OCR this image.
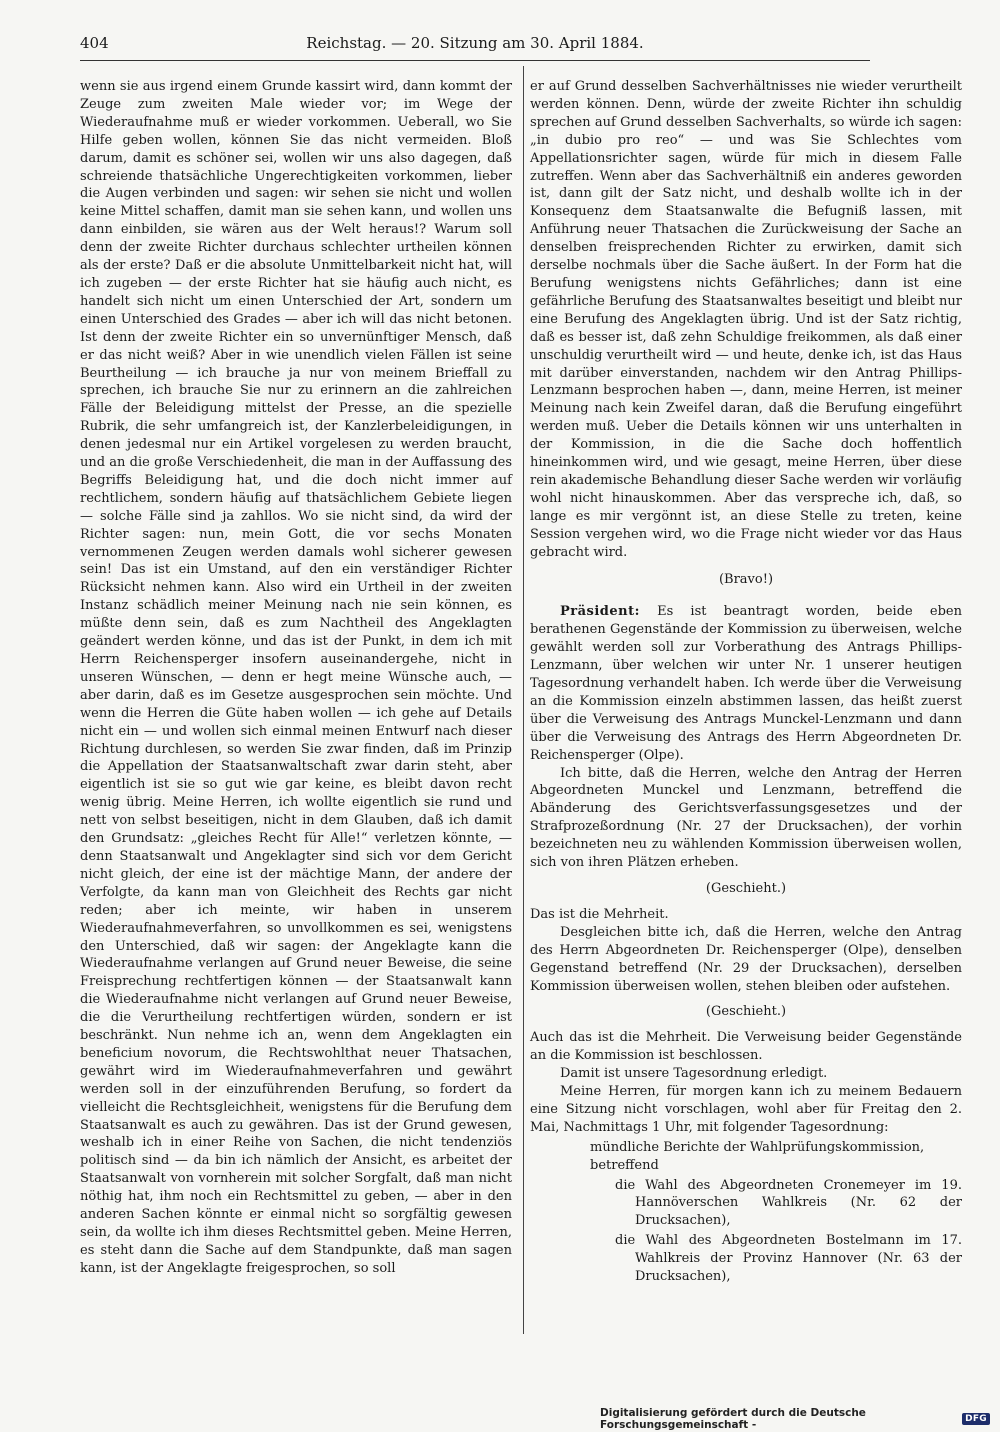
404	Reichstag. — 20. Sitzung am 30. April 1884.

wenn sie aus irgend einem Grunde kassirt wird, dann kommt der Zeuge zum zweiten Male wieder vor; im Wege der Wiederaufnahme muß er wieder vorkommen. Ueberall, wo Sie Hilfe geben wollen, können Sie das nicht vermeiden. Bloß darum, damit es schöner sei, wollen wir uns also dagegen, daß schreiende thatsächliche Ungerechtigkeiten vorkommen, lieber die Augen verbinden und sagen: wir sehen sie nicht und wollen keine Mittel schaffen, damit man sie sehen kann, und wollen uns dann einbilden, sie wären aus der Welt heraus!? Warum soll denn der zweite Richter durchaus schlechter urtheilen können als der erste? Daß er die absolute Unmittelbarkeit nicht hat, will ich zugeben — der erste Richter hat sie häufig auch nicht, es handelt sich nicht um einen Unterschied der Art, sondern um einen Unterschied des Grades — aber ich will das nicht betonen. Ist denn der zweite Richter ein so unvernünftiger Mensch, daß er das nicht weiß? Aber in wie unendlich vielen Fällen ist seine Beurtheilung — ich brauche ja nur von meinem Brieffall zu sprechen, ich brauche Sie nur zu erinnern an die zahlreichen Fälle der Beleidigung mittelst der Presse, an die spezielle Rubrik, die sehr umfangreich ist, der Kanzlerbeleidigungen, in denen jedesmal nur ein Artikel vorgelesen zu werden braucht, und an die große Verschiedenheit, die man in der Auffassung des Begriffs Beleidigung hat, und die doch nicht immer auf rechtlichem, sondern häufig auf thatsächlichem Gebiete liegen — solche Fälle sind ja zahllos. Wo sie nicht sind, da wird der Richter sagen: nun, mein Gott, die vor sechs Monaten vernommenen Zeugen werden damals wohl sicherer gewesen sein! Das ist ein Umstand, auf den ein verständiger Richter Rücksicht nehmen kann. Also wird ein Urtheil in der zweiten Instanz schädlich meiner Meinung nach nie sein können, es müßte denn sein, daß es zum Nachtheil des Angeklagten geändert werden könne, und das ist der Punkt, in dem ich mit Herrn Reichensperger insofern auseinandergehe, nicht in unseren Wünschen, — denn er hegt meine Wünsche auch, — aber darin, daß es im Gesetze ausgesprochen sein möchte. Und wenn die Herren die Güte haben wollen — ich gehe auf Details nicht ein — und wollen sich einmal meinen Entwurf nach dieser Richtung durchlesen, so werden Sie zwar finden, daß im Prinzip die Appellation der Staatsanwaltschaft zwar darin steht, aber eigentlich ist sie so gut wie gar keine, es bleibt davon recht wenig übrig. Meine Herren, ich wollte eigentlich sie rund und nett von selbst beseitigen, nicht in dem Glauben, daß ich damit den Grundsatz: „gleiches Recht für Alle!“ verletzen könnte, — denn Staatsanwalt und Angeklagter sind sich vor dem Gericht nicht gleich, der eine ist der mächtige Mann, der andere der Verfolgte, da kann man von Gleichheit des Rechts gar nicht reden; aber ich meinte, wir haben in unserem Wiederaufnahmeverfahren, so unvollkommen es sei, wenigstens den Unterschied, daß wir sagen: der Angeklagte kann die Wiederaufnahme verlangen auf Grund neuer Beweise, die seine Freisprechung rechtfertigen können — der Staatsanwalt kann die Wiederaufnahme nicht verlangen auf Grund neuer Beweise, die die Verurtheilung rechtfertigen würden, sondern er ist beschränkt. Nun nehme ich an, wenn dem Angeklagten ein beneficium novorum, die Rechtswohlthat neuer Thatsachen, gewährt wird im Wiederaufnahmeverfahren und gewährt werden soll in der einzuführenden Berufung, so fordert da vielleicht die Rechtsgleichheit, wenigstens für die Berufung dem Staatsanwalt es auch zu gewähren. Das ist der Grund gewesen, weshalb ich in einer Reihe von Sachen, die nicht tendenziös politisch sind — da bin ich nämlich der Ansicht, es arbeitet der Staatsanwalt von vornherein mit solcher Sorgfalt, daß man nicht nöthig hat, ihm noch ein Rechtsmittel zu geben, — aber in den anderen Sachen könnte er einmal nicht so sorgfältig gewesen sein, da wollte ich ihm dieses Rechtsmittel geben. Meine Herren, es steht dann die Sache auf dem Standpunkte, daß man sagen kann, ist der Angeklagte freigesprochen, so soll

er auf Grund desselben Sachverhältnisses nie wieder verurtheilt werden können. Denn, würde der zweite Richter ihn schuldig sprechen auf Grund desselben Sachverhalts, so würde ich sagen: „in dubio pro reo“ — und was Sie Schlechtes vom Appellationsrichter sagen, würde für mich in diesem Falle zutreffen. Wenn aber das Sachverhältniß ein anderes geworden ist, dann gilt der Satz nicht, und deshalb wollte ich in der Konsequenz dem Staatsanwalte die Befugniß lassen, mit Anführung neuer Thatsachen die Zurückweisung der Sache an denselben freisprechenden Richter zu erwirken, damit sich derselbe nochmals über die Sache äußert. In der Form hat die Berufung wenigstens nichts Gefährliches; dann ist eine gefährliche Berufung des Staatsanwaltes beseitigt und bleibt nur eine Berufung des Angeklagten übrig. Und ist der Satz richtig, daß es besser ist, daß zehn Schuldige freikommen, als daß einer unschuldig verurtheilt wird — und heute, denke ich, ist das Haus mit darüber einverstanden, nachdem wir den Antrag Phillips-Lenzmann besprochen haben —, dann, meine Herren, ist meiner Meinung nach kein Zweifel daran, daß die Berufung eingeführt werden muß. Ueber die Details können wir uns unterhalten in der Kommission, in die die Sache doch hoffentlich hineinkommen wird, und wie gesagt, meine Herren, über diese rein akademische Behandlung dieser Sache werden wir vorläufig wohl nicht hinauskommen. Aber das verspreche ich, daß, so lange es mir vergönnt ist, an diese Stelle zu treten, keine Session vergehen wird, wo die Frage nicht wieder vor das Haus gebracht wird.

(Bravo!)

Präsident: Es ist beantragt worden, beide eben berathenen Gegenstände der Kommission zu überweisen, welche gewählt werden soll zur Vorberathung des Antrags Phillips-Lenzmann, über welchen wir unter Nr. 1 unserer heutigen Tagesordnung verhandelt haben. Ich werde über die Verweisung an die Kommission einzeln abstimmen lassen, das heißt zuerst über die Verweisung des Antrags Munckel-Lenzmann und dann über die Verweisung des Antrags des Herrn Abgeordneten Dr. Reichensperger (Olpe).

Ich bitte, daß die Herren, welche den Antrag der Herren Abgeordneten Munckel und Lenzmann, betreffend die Abänderung des Gerichtsverfassungsgesetzes und der Strafprozeßordnung (Nr. 27 der Drucksachen), der vorhin bezeichneten neu zu wählenden Kommission überweisen wollen, sich von ihren Plätzen erheben.

(Geschieht.)

Das ist die Mehrheit.

Desgleichen bitte ich, daß die Herren, welche den Antrag des Herrn Abgeordneten Dr. Reichensperger (Olpe), denselben Gegenstand betreffend (Nr. 29 der Drucksachen), derselben Kommission überweisen wollen, stehen bleiben oder aufstehen.

(Geschieht.)

Auch das ist die Mehrheit. Die Verweisung beider Gegenstände an die Kommission ist beschlossen.

Damit ist unsere Tagesordnung erledigt.

Meine Herren, für morgen kann ich zu meinem Bedauern eine Sitzung nicht vorschlagen, wohl aber für Freitag den 2. Mai, Nachmittags 1 Uhr, mit folgender Tagesordnung:

mündliche Berichte der Wahlprüfungskommission,
betreffend
die Wahl des Abgeordneten Cronemeyer im 19. Hannöverschen Wahlkreis (Nr. 62 der Drucksachen),
die Wahl des Abgeordneten Bostelmann im 17. Wahlkreis der Provinz Hannover (Nr. 63 der Drucksachen),
Digitalisierung gefördert durch die Deutsche Forschungsgemeinschaft -	DFG
